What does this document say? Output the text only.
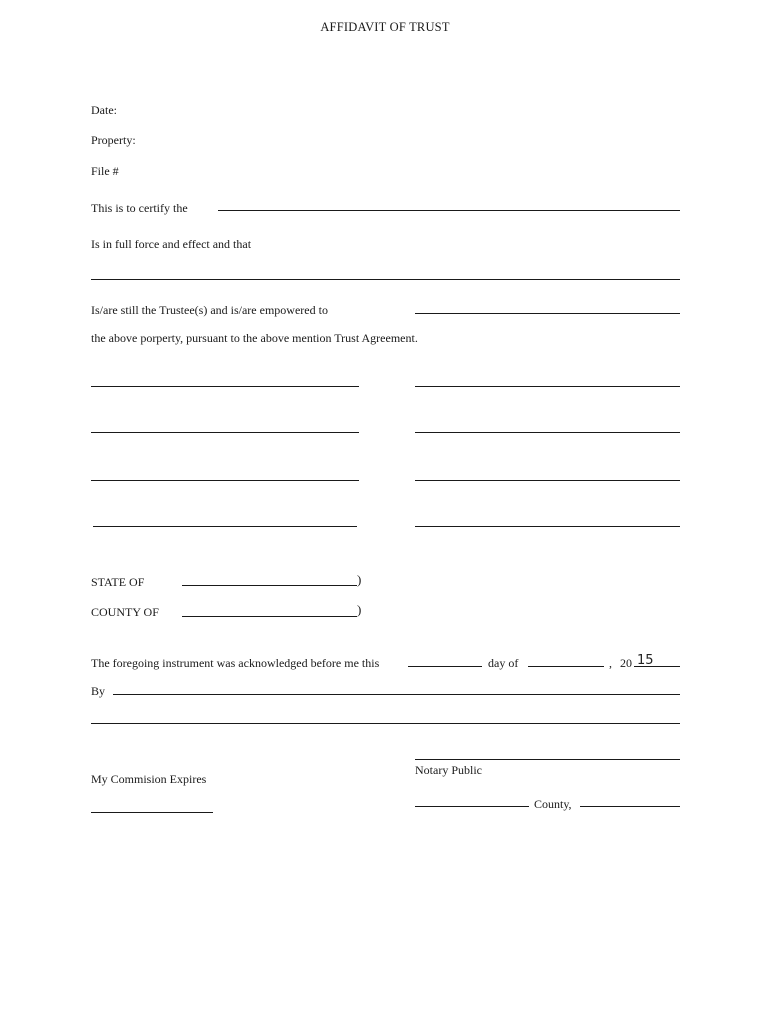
AFFIDAVIT OF TRUST
Date:
Property:
File #
This is to certify the
Is in full force and effect and that
Is/are still the Trustee(s) and is/are empowered to
the above porperty, pursuant to the above mention Trust Agreement.
STATE OF	)
COUNTY OF	)
The foregoing instrument was acknowledged before me this	day of	, 20 15
By
Notary Public
My Commision Expires
County,
